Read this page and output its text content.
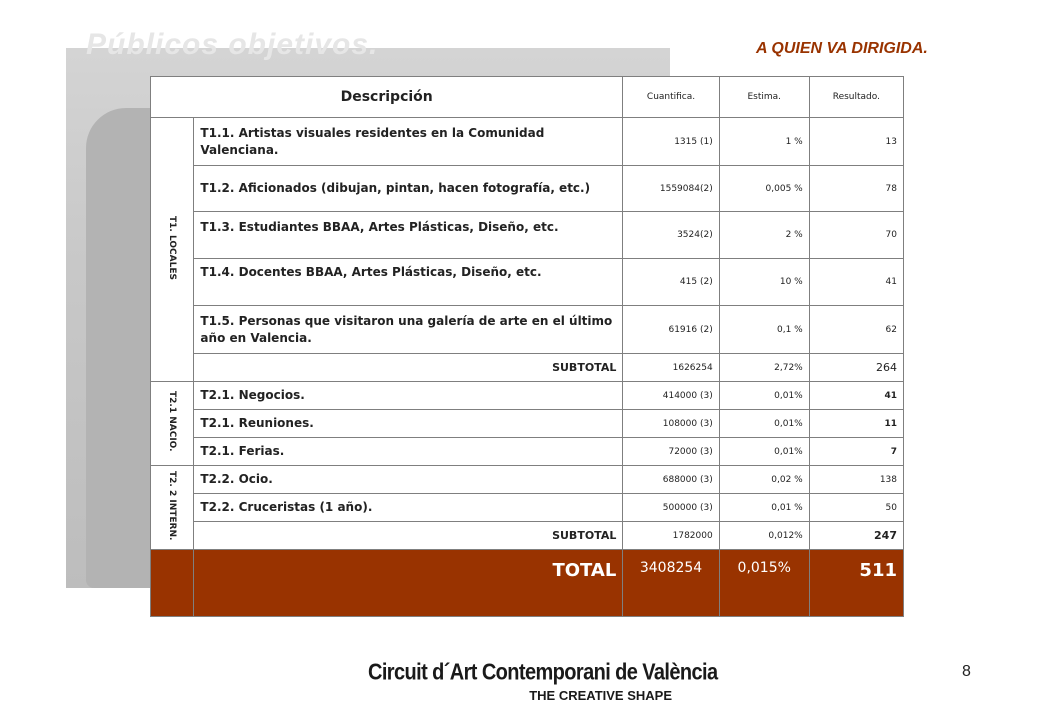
Públicos objetivos.	A QUIEN VA DIRIGIDA.
Descripción		Cuantifica.	Estima.	Resultado.
T1. LOCALES	T1.1. Artistas visuales residentes en la Comunidad Valenciana.	1315 (1)	1 %	13
	T1.2. Aficionados (dibujan, pintan, hacen fotografía, etc.)	1559084(2)	0,005 %	78
	T1.3. Estudiantes BBAA, Artes Plásticas, Diseño, etc.	3524(2)	2 %	70
	T1.4. Docentes BBAA, Artes Plásticas, Diseño, etc.	415 (2)	10 %	41
	T1.5. Personas que visitaron una galería de arte en el último año en Valencia.	61916 (2)	0,1 %	62
	SUBTOTAL	1626254	2,72%	264
T2.1 NACIO.	T2.1. Negocios.	414000 (3)	0,01%	41
	T2.1. Reuniones.	108000 (3)	0,01%	11
	T2.1. Ferias.	72000 (3)	0,01%	7
T2. 2 INTERN.	T2.2. Ocio.	688000 (3)	0,02 %	138
	T2.2. Cruceristas (1 año).	500000 (3)	0,01 %	50
	SUBTOTAL	1782000	0,012%	247
	TOTAL	3408254	0,015%	511
8
Circuit d´Art Contemporani de València
THE CREATIVE SHAPE
